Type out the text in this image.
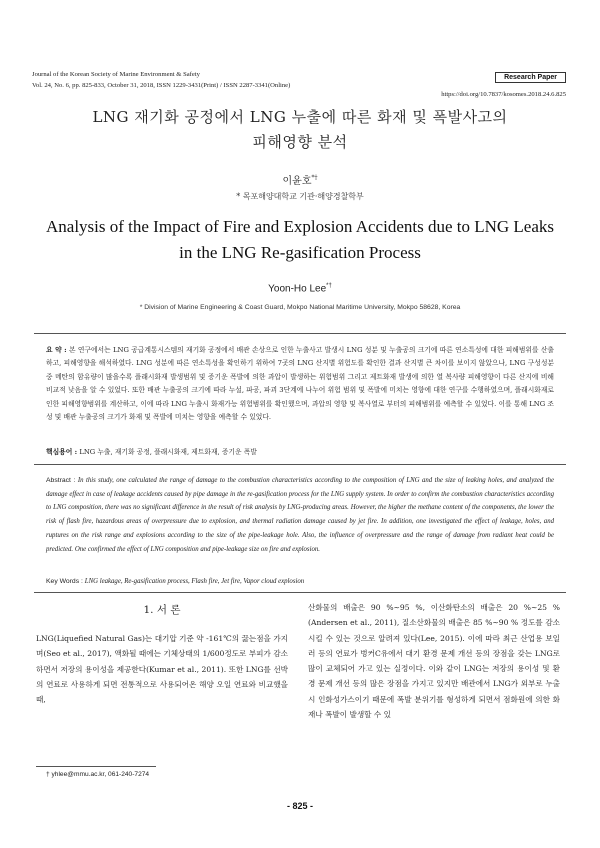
Journal of the Korean Society of Marine Environment & Safety
Vol. 24, No. 6, pp. 825-833, October 31, 2018, ISSN 1229-3431(Print) / ISSN 2287-3341(Online)
Research Paper
https://doi.org/10.7837/kosomes.2018.24.6.825
LNG 재기화 공정에서 LNG 누출에 따른 화재 및 폭발사고의
피해영향 분석
이윤호*†
* 목포해양대학교 기관·해양경찰학부
Analysis of the Impact of Fire and Explosion Accidents due to LNG Leaks
in the LNG Re-gasification Process
Yoon-Ho Lee*†
* Division of Marine Engineering & Coast Guard, Mokpo National Maritime University, Mokpo 58628, Korea
요 약 : 본 연구에서는 LNG 공급계통시스템의 재기화 공정에서 배관 손상으로 인한 누출사고 발생시 LNG 성분 및 누출공의 크기에 따른 연소특성에 대한 피해범위를 산출하고, 피해영향을 해석하였다. LNG 성분에 따른 연소특성을 확인하기 위하여 7곳의 LNG 산지별 위험도를 확인한 결과 산지별 큰 차이를 보이지 않았으나, LNG 구성성분 중 메탄의 함유량이 많을수록 플래시화재 발생범위 및 증기운 폭발에 의한 과압이 발생하는 위험범위 그리고 제트화재 발생에 의한 열 복사량 피해영향이 다른 산지에 비해 비교적 낮음을 알 수 있었다. 또한 배관 누출공의 크기에 따라 누설, 파공, 파괴 3단계에 나누어 위험 범위 및 폭발에 미치는 영향에 대한 연구를 수행하였으며, 플래시화재로 인한 피해영향범위를 계산하고, 이에 따라 LNG 누출시 화재가능 위험범위를 확인했으며, 과압의 영향 및 복사열로 부터의 피해범위를 예측할 수 있었다. 이를 통해 LNG 조성 및 배관 누출공의 크기가 화재 및 폭발에 미치는 영향을 예측할 수 있었다.
핵심용어 : LNG 누출, 재기화 공정, 플래시화재, 제트화재, 증기운 폭발
Abstract : In this study, one calculated the range of damage to the combustion characteristics according to the composition of LNG and the size of leaking holes, and analyzed the damage effect in case of leakage accidents caused by pipe damage in the re-gasification process for the LNG supply system. In order to confirm the combustion characteristics according to LNG composition, there was no significant difference in the result of risk analysis by LNG-producing areas. However, the higher the methane content of the components, the lower the risk of flash fire, hazardous areas of overpressure due to explosion, and thermal radiation damage caused by jet fire. In addition, one investigated the effect of leakage, holes, and ruptures on the risk range and explosions according to the size of the pipe-leakage hole. Also, the influence of overpressure and the range of damage from radiant heat could be predicted. One confirmed the effect of LNG composition and pipe-leakage size on fire and explosion.
Key Words : LNG leakage, Re-gasification process, Flash fire, Jet fire, Vapor cloud explosion
1. 서 론
LNG(Liquefied Natural Gas)는 대기압 기준 약 -161℃의 끓는점을 가지며(Seo et al., 2017), 액화될 때에는 기체상태의 1/600정도로 부피가 감소하면서 저장의 용이성을 제공한다(Kumar et al., 2011). 또한 LNG를 선박의 연료로 사용하게 되면 전통적으로 사용되어온 해양 오일 연료와 비교했을 때,
산화물의 배출은 90 %∼95 %, 이산화탄소의 배출은 20 %∼25 %(Andersen et al., 2011), 질소산화물의 배출은 85 %∼90 % 정도를 감소시킬 수 있는 것으로 알려져 있다(Lee, 2015). 이에 따라 최근 산업용 보일러 등의 연료가 벙커C유에서 대기 환경 문제 개선 등의 장점을 갖는 LNG로 많이 교체되어 가고 있는 실정이다. 이와 같이 LNG는 저장의 용이성 및 환경 문제 개선 등의 많은 장점을 가지고 있지만 배관에서 LNG가 외부로 누출시 인화성가스이기 때문에 폭발 분위기를 형성하게 되면서 점화원에 의한 화재나 폭발이 발생할 수 있
† yhlee@mmu.ac.kr, 061-240-7274
- 825 -
